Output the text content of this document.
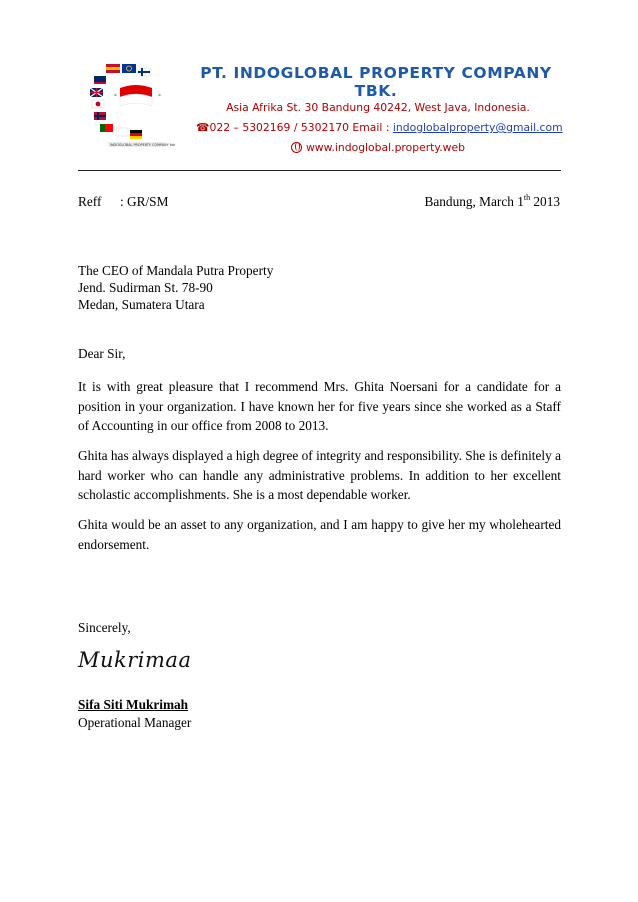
*	*
INDOGLOBAL PROPERTY COMPANY tbk
PT. INDOGLOBAL PROPERTY COMPANY TBK.
Asia Afrika St. 30 Bandung 40242, West Java, Indonesia.
☎022 – 5302169 / 5302170 Email : indoglobalproperty@gmail.com
www.indoglobal.property.web
Reff : GR/SM	Bandung, March 1th 2013
The CEO of Mandala Putra Property
Jend. Sudirman St. 78-90
Medan, Sumatera Utara
Dear Sir,
It is with great pleasure that I recommend Mrs. Ghita Noersani for a candidate for a position in your organization. I have known her for five years since she worked as a Staff of Accounting in our office from 2008 to 2013.
Ghita has always displayed a high degree of integrity and responsibility. She is definitely a hard worker who can handle any administrative problems. In addition to her excellent scholastic accomplishments. She is a most dependable worker.
Ghita would be an asset to any organization, and I am happy to give her my wholehearted endorsement.
Sincerely,
Mukrimaa
Sifa Siti Mukrimah
Operational Manager
